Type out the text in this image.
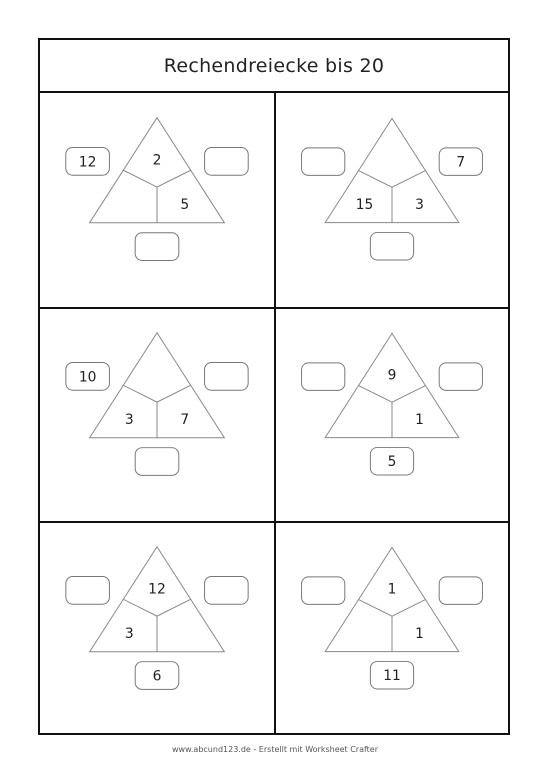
Rechendreiecke bis 20
2
5
12
15	3
7
3	7
10	9
1
5
12
3
6
1
1
11
www.abcund123.de - Erstellt mit Worksheet Crafter
